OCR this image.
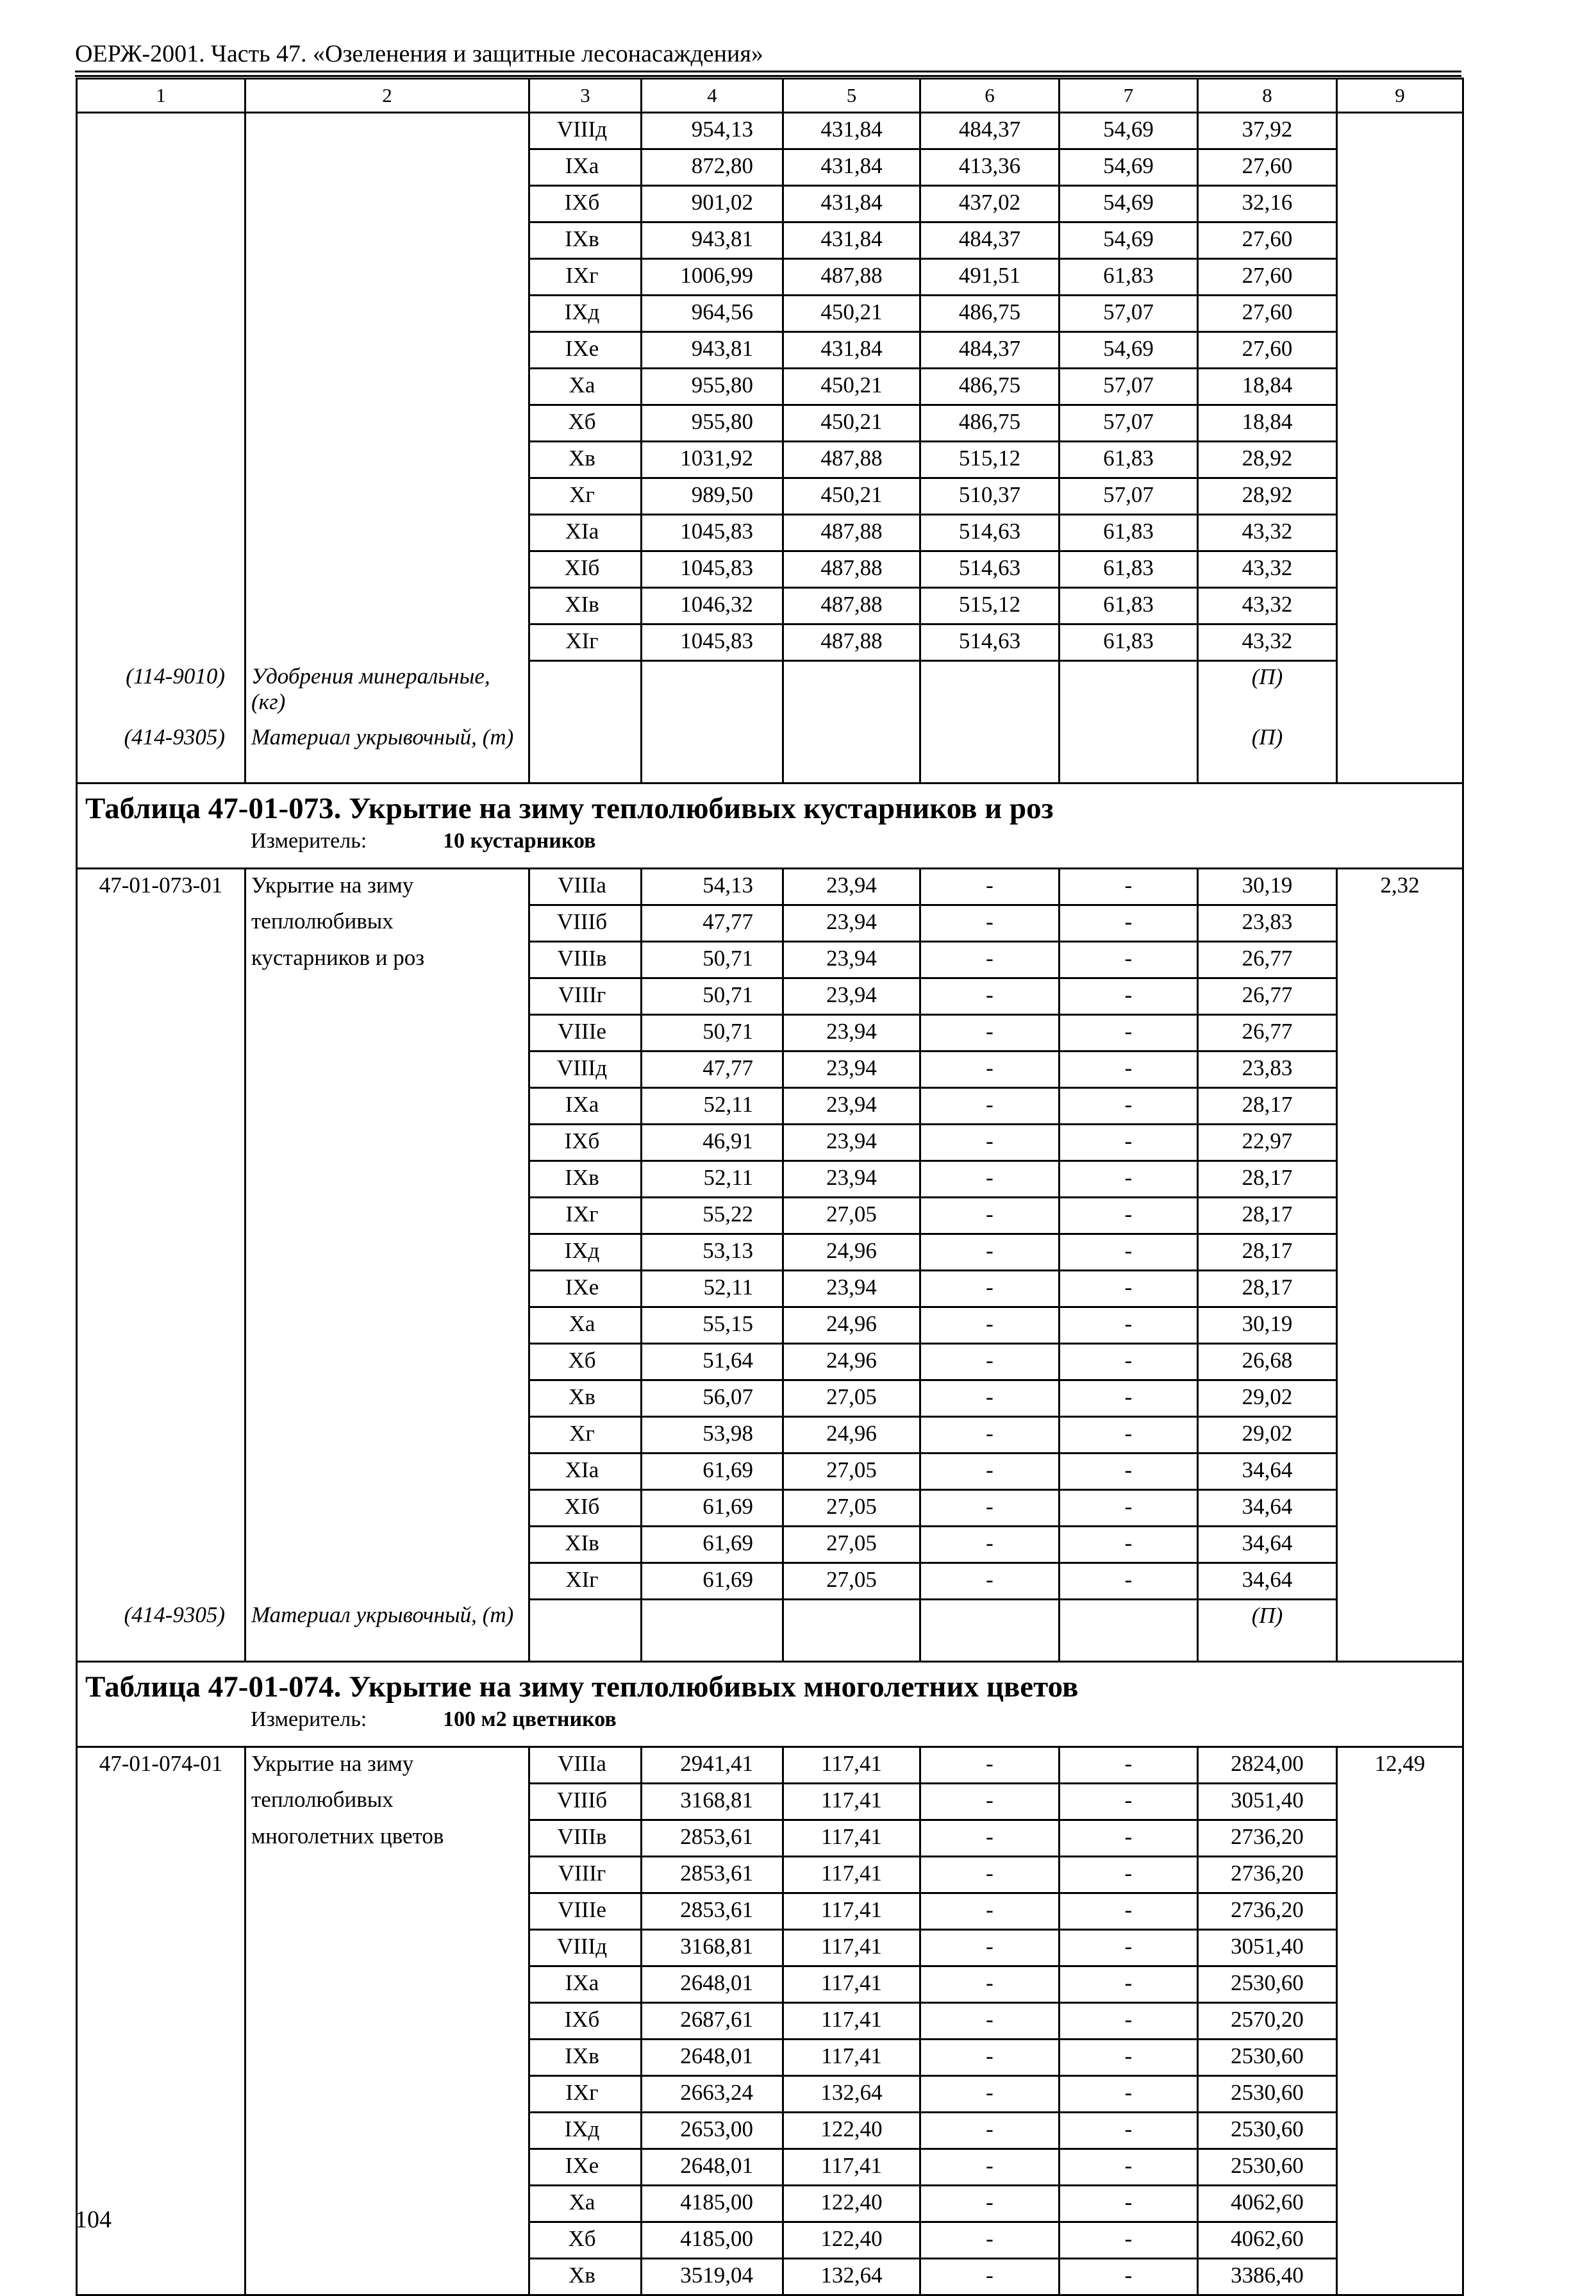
ОЕРЖ-2001. Часть 47. «Озеленения и защитные лесонасаждения»
1	2	3	4	5	6	7	8	9
		VIIIд	954,13	431,84	484,37	54,69	37,92	
		IXа	872,80	431,84	413,36	54,69	27,60	
		IXб	901,02	431,84	437,02	54,69	32,16	
		IXв	943,81	431,84	484,37	54,69	27,60	
		IXг	1006,99	487,88	491,51	61,83	27,60	
		IXд	964,56	450,21	486,75	57,07	27,60	
		IXе	943,81	431,84	484,37	54,69	27,60	
		Xа	955,80	450,21	486,75	57,07	18,84	
		Xб	955,80	450,21	486,75	57,07	18,84	
		Xв	1031,92	487,88	515,12	61,83	28,92	
		Xг	989,50	450,21	510,37	57,07	28,92	
		XIа	1045,83	487,88	514,63	61,83	43,32	
		XIб	1045,83	487,88	514,63	61,83	43,32	
		XIв	1046,32	487,88	515,12	61,83	43,32	
		XIг	1045,83	487,88	514,63	61,83	43,32	
(114-9010)	Удобрения минеральные, (кг)						(П)	
(414-9305)	Материал укрывочный, (т)						(П)	

Таблица 47-01-073. Укрытие на зиму теплолюбивых кустарников и роз
Измеритель: 10 кустарников								

47-01-073-01	Укрытие на зиму	VIIIа	54,13	23,94	-	-	30,19	2,32
	теплолюбивых	VIIIб	47,77	23,94	-	-	23,83	
	кустарников и роз	VIIIв	50,71	23,94	-	-	26,77	
		VIIIг	50,71	23,94	-	-	26,77	
		VIIIе	50,71	23,94	-	-	26,77	
		VIIIд	47,77	23,94	-	-	23,83	
		IXа	52,11	23,94	-	-	28,17	
		IXб	46,91	23,94	-	-	22,97	
		IXв	52,11	23,94	-	-	28,17	
		IXг	55,22	27,05	-	-	28,17	
		IXд	53,13	24,96	-	-	28,17	
		IXе	52,11	23,94	-	-	28,17	
		Xа	55,15	24,96	-	-	30,19	
		Xб	51,64	24,96	-	-	26,68	
		Xв	56,07	27,05	-	-	29,02	
		Xг	53,98	24,96	-	-	29,02	
		XIа	61,69	27,05	-	-	34,64	
		XIб	61,69	27,05	-	-	34,64	
		XIв	61,69	27,05	-	-	34,64	
		XIг	61,69	27,05	-	-	34,64	
(414-9305)	Материал укрывочный, (т)						(П)	

Таблица 47-01-074. Укрытие на зиму теплолюбивых многолетних цветов
Измеритель: 100 м2 цветников								

47-01-074-01	Укрытие на зиму	VIIIа	2941,41	117,41	-	-	2824,00	12,49
	теплолюбивых	VIIIб	3168,81	117,41	-	-	3051,40	
	многолетних цветов	VIIIв	2853,61	117,41	-	-	2736,20	
		VIIIг	2853,61	117,41	-	-	2736,20	
		VIIIе	2853,61	117,41	-	-	2736,20	
		VIIIд	3168,81	117,41	-	-	3051,40	
		IXа	2648,01	117,41	-	-	2530,60	
		IXб	2687,61	117,41	-	-	2570,20	
		IXв	2648,01	117,41	-	-	2530,60	
		IXг	2663,24	132,64	-	-	2530,60	
		IXд	2653,00	122,40	-	-	2530,60	
		IXе	2648,01	117,41	-	-	2530,60	
		Xа	4185,00	122,40	-	-	4062,60	
		Xб	4185,00	122,40	-	-	4062,60	
		Xв	3519,04	132,64	-	-	3386,40	
104
